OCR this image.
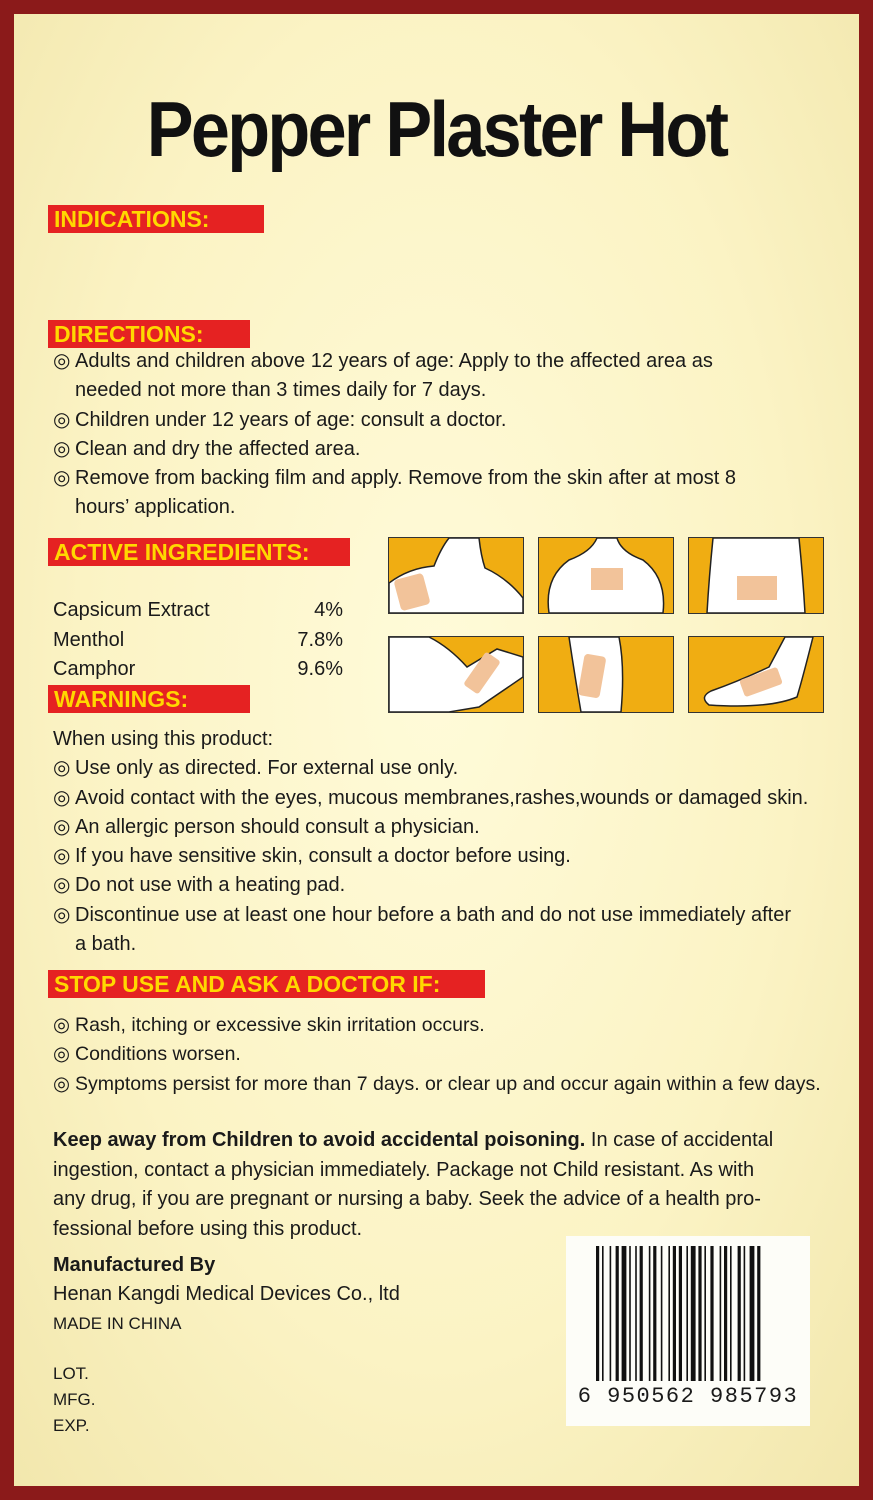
Pepper Plaster Hot
INDICATIONS:
DIRECTIONS:
◎ Adults and children above 12 years of age: Apply to the affected area as
needed not more than 3 times daily for 7 days.
◎ Children under 12 years of age: consult a doctor.
◎ Clean and dry the affected area.
◎ Remove from backing film and apply. Remove from the skin after at most 8
hours’ application.
ACTIVE INGREDIENTS:
Capsicum Extract	4%
Menthol	7.8%
Camphor	9.6%
WARNINGS:
When using this product:
◎ Use only as directed. For external use only.
◎ Avoid contact with the eyes, mucous membranes,rashes,wounds or damaged skin.
◎ An allergic person should consult a physician.
◎ If you have sensitive skin, consult a doctor before using.
◎ Do not use with a heating pad.
◎ Discontinue use at least one hour before a bath and do not use immediately after
a bath.
STOP USE AND ASK A DOCTOR IF:
◎ Rash, itching or excessive skin irritation occurs.
◎ Conditions worsen.
◎ Symptoms persist for more than 7 days. or clear up and occur again within a few days.
Keep away from Children to avoid accidental poisoning. In case of accidental
ingestion, contact a physician immediately. Package not Child resistant. As with
any drug, if you are pregnant or nursing a baby. Seek the advice of a health pro-
fessional before using this product.
Manufactured By
Henan Kangdi Medical Devices Co., ltd
MADE IN CHINA
LOT.
MFG.
EXP.
6 950562 985793
